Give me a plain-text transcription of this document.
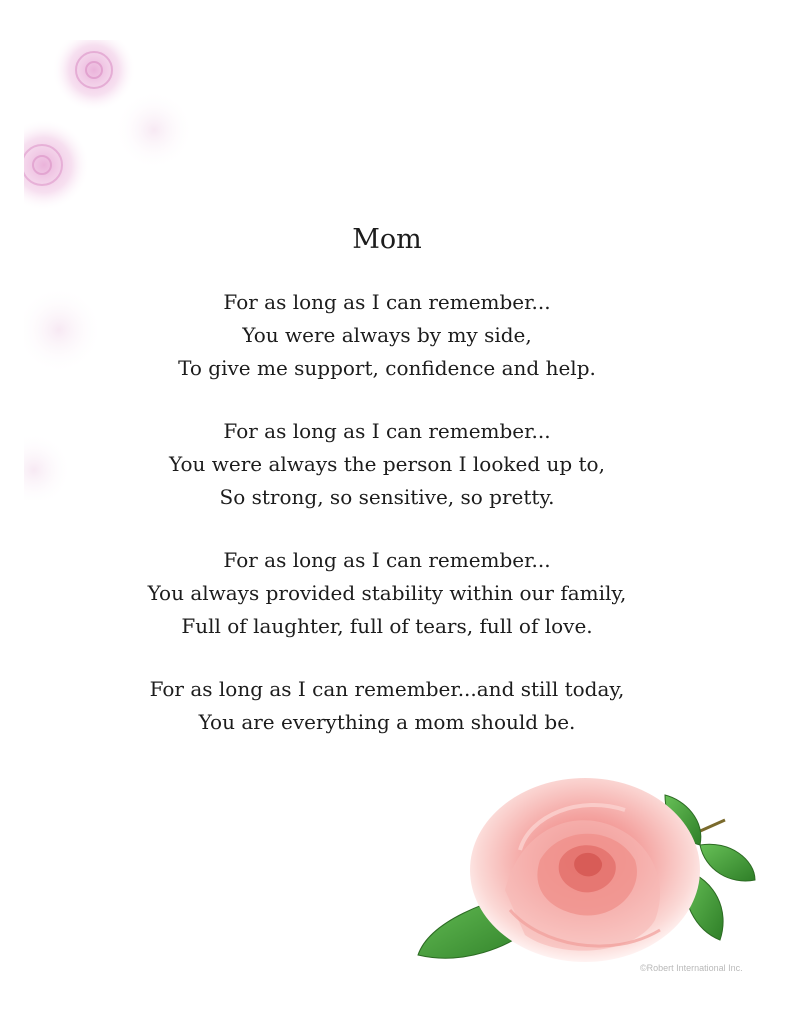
Mom
For as long as I can remember...
You were always by my side,
To give me support, confidence and help.
For as long as I can remember...
You were always the person I looked up to,
So strong, so sensitive, so pretty.
For as long as I can remember...
You always provided stability within our family,
Full of laughter, full of tears, full of love.
For as long as I can remember...and still today,
You are everything a mom should be.
©Robert International Inc.
